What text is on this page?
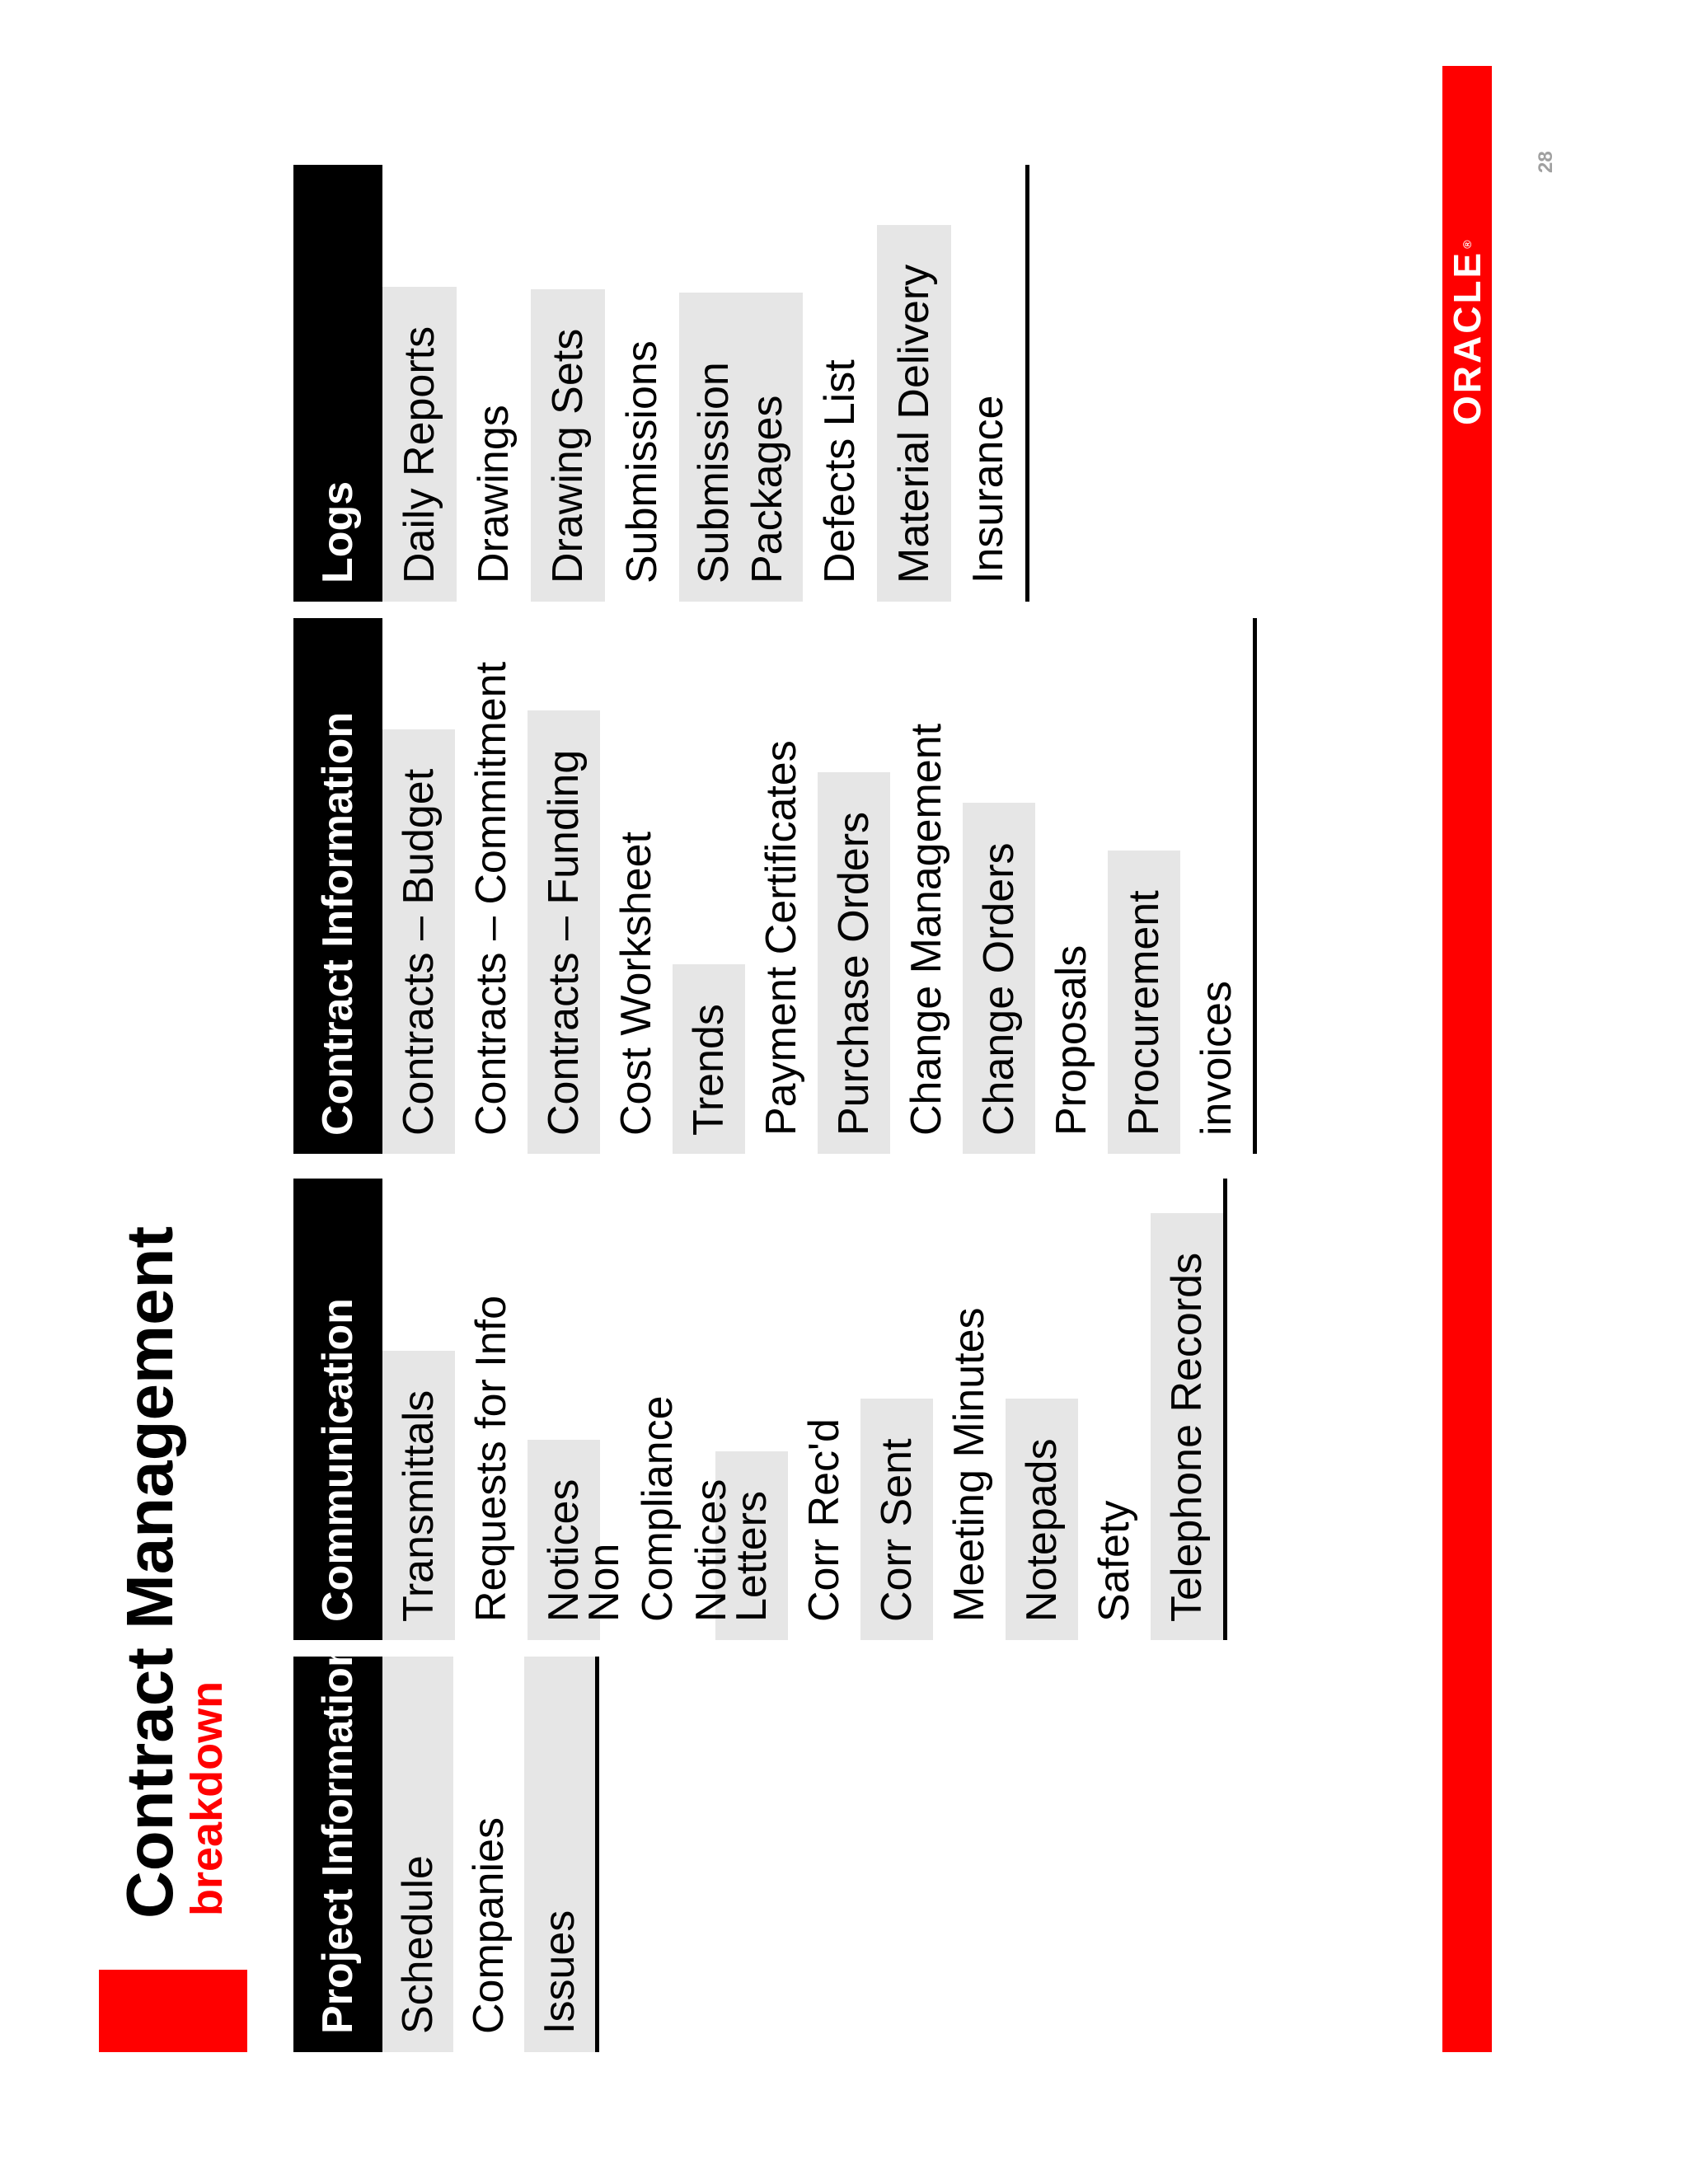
Contract Management
breakdown	Project Information Schedule Companies Issues
Communication Transmittals Requests for Info Notices
Non Compliance Notices
Letters Corr Rec'd Corr Sent Meeting Minutes Notepads Safety Telephone Records
Contract Information Contracts – Budget Contracts – Commitment Contracts – Funding Cost Worksheet Trends Payment Certificates Purchase Orders Change Management Change Orders Proposals Procurement invoices
Logs Daily Reports Drawings Drawing Sets Submissions Submission Packages Defects List Material Delivery Insurance
ORACLE
®
28
